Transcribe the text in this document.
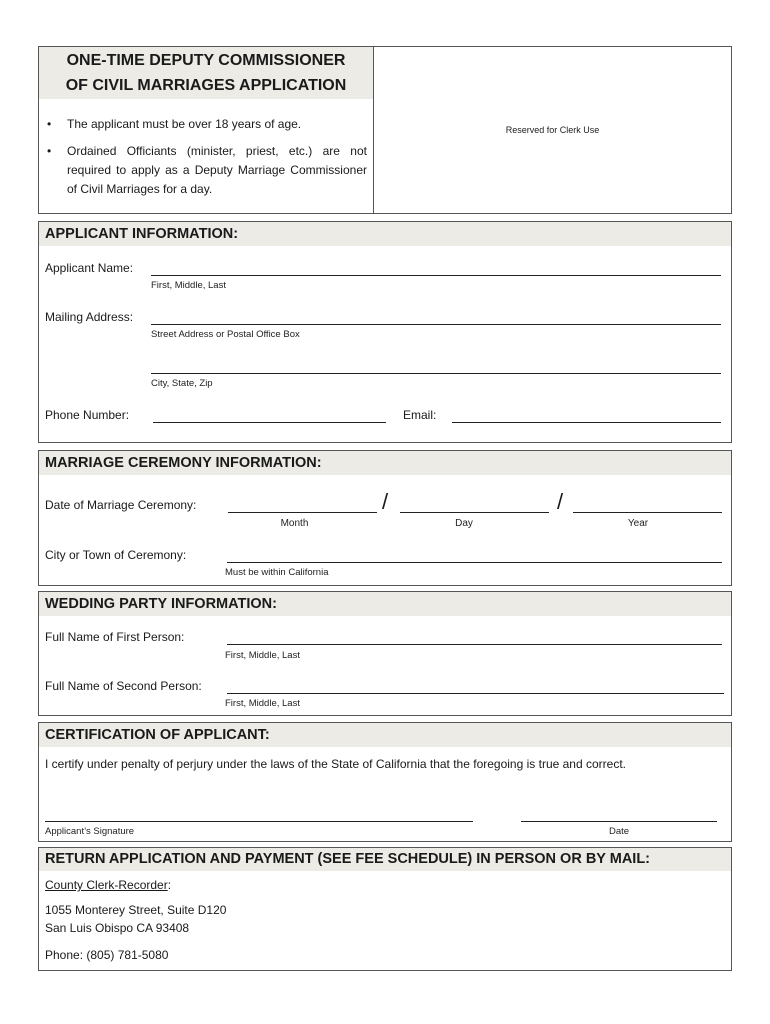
ONE-TIME DEPUTY COMMISSIONER
OF CIVIL MARRIAGES APPLICATION
• The applicant must be over 18 years of age.
• Ordained Officiants (minister, priest, etc.) are not required to apply as a Deputy Marriage Commissioner of Civil Marriages for a day.
Reserved for Clerk Use
APPLICANT INFORMATION:
Applicant Name:
First, Middle, Last
Mailing Address:
Street Address or Postal Office Box
City, State, Zip
Phone Number:	Email:
MARRIAGE CEREMONY INFORMATION:
Date of Marriage Ceremony:	/	/
Month	Day	Year
City or Town of Ceremony:
Must be within California
WEDDING PARTY INFORMATION:
Full Name of First Person:
First, Middle, Last
Full Name of Second Person:
First, Middle, Last
CERTIFICATION OF APPLICANT:
I certify under penalty of perjury under the laws of the State of California that the foregoing is true and correct.
Applicant’s Signature	Date
RETURN APPLICATION AND PAYMENT (SEE FEE SCHEDULE) IN PERSON OR BY MAIL:
County Clerk-Recorder:
1055 Monterey Street, Suite D120
San Luis Obispo CA 93408
Phone: (805) 781-5080
